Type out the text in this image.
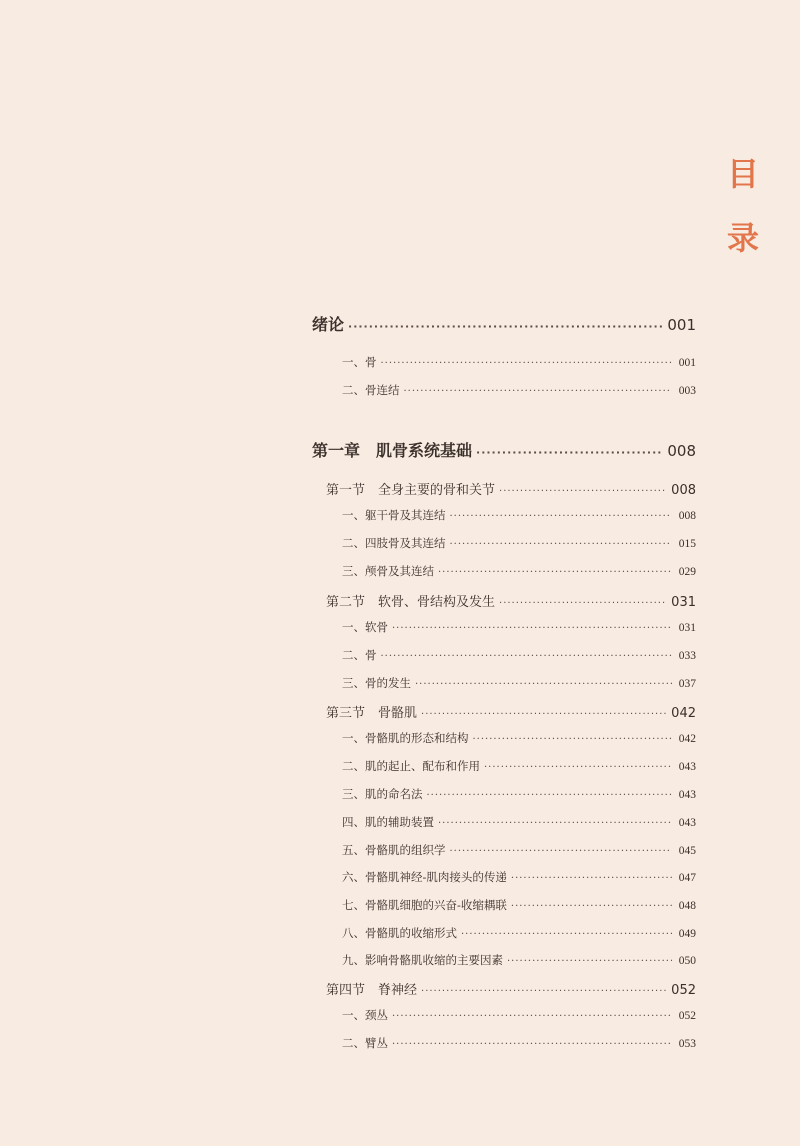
目
录
绪论 ·····	001
一、骨 ·····	001
二、骨连结 ·····	003
第一章　肌骨系统基础 ·····	008
第一节　全身主要的骨和关节 ·····	008
一、躯干骨及其连结 ·····	008
二、四肢骨及其连结 ·····	015
三、颅骨及其连结 ·····	029
第二节　软骨、骨结构及发生 ·····	031
一、软骨 ·····	031
二、骨 ·····	033
三、骨的发生 ·····	037
第三节　骨骼肌 ·····	042
一、骨骼肌的形态和结构 ·····	042
二、肌的起止、配布和作用 ·····	043
三、肌的命名法 ·····	043
四、肌的辅助装置 ·····	043
五、骨骼肌的组织学 ·····	045
六、骨骼肌神经-肌肉接头的传递 ·····	047
七、骨骼肌细胞的兴奋-收缩耦联 ·····	048
八、骨骼肌的收缩形式 ·····	049
九、影响骨骼肌收缩的主要因素 ·····	050
第四节　脊神经 ·····	052
一、颈丛 ·····	052
二、臂丛 ·····	053
